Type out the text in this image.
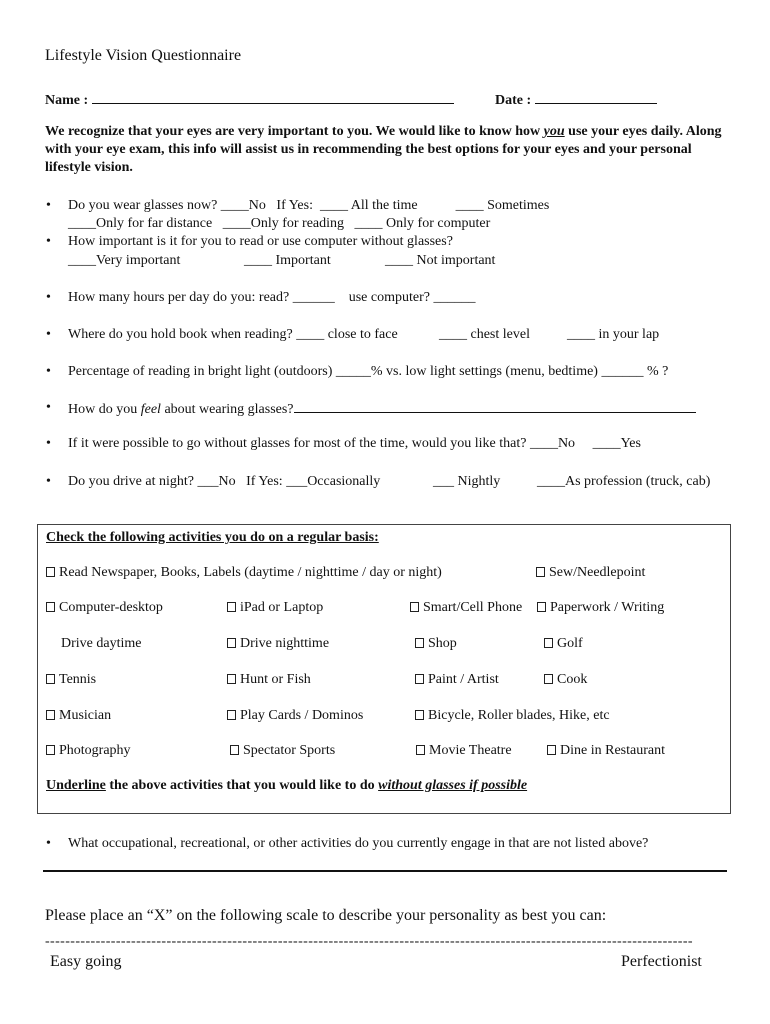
Lifestyle Vision Questionnaire
Name :	Date :
We recognize that your eyes are very important to you. We would like to know how you use your eyes daily. Along with your eye exam, this info will assist us in recommending the best options for your eyes and your personal lifestyle vision.
• Do you wear glasses now? ____No If Yes:  ____ All the time	____ Sometimes
____Only for far distance   ____Only for reading   ____ Only for computer
• How important is it for you to read or use computer without glasses?
____Very important	____ Important	____ Not important
• How many hours per day do you: read? ______    use computer? ______
• Where do you hold book when reading? ____ close to face	____ chest level	____ in your lap
• Percentage of reading in bright light (outdoors) _____% vs. low light settings (menu, bedtime) ______ % ?
• How do you feel about wearing glasses?
• If it were possible to go without glasses for most of the time, would you like that? ____No     ____Yes
• Do you drive at night? ___No If Yes: ___Occasionally	___ Nightly	____As profession (truck, cab)
Check the following activities you do on a regular basis:
Read Newspaper, Books, Labels (daytime / nighttime / day or night)	Sew/Needlepoint
Computer-desktop	iPad or Laptop	Smart/Cell Phone	Paperwork / Writing
Drive daytime	Drive nighttime	Shop	Golf
Tennis	Hunt or Fish	Paint / Artist	Cook
Musician	Play Cards / Dominos	Bicycle, Roller blades, Hike, etc
Photography	Spectator Sports	Movie Theatre	Dine in Restaurant
Underline the above activities that you would like to do without glasses if possible
• What occupational, recreational, or other activities do you currently engage in that are not listed above?
Please place an “X” on the following scale to describe your personality as best you can:
--------------------------------------------------------------------------------------------------------------------------------
Easy going	Perfectionist
